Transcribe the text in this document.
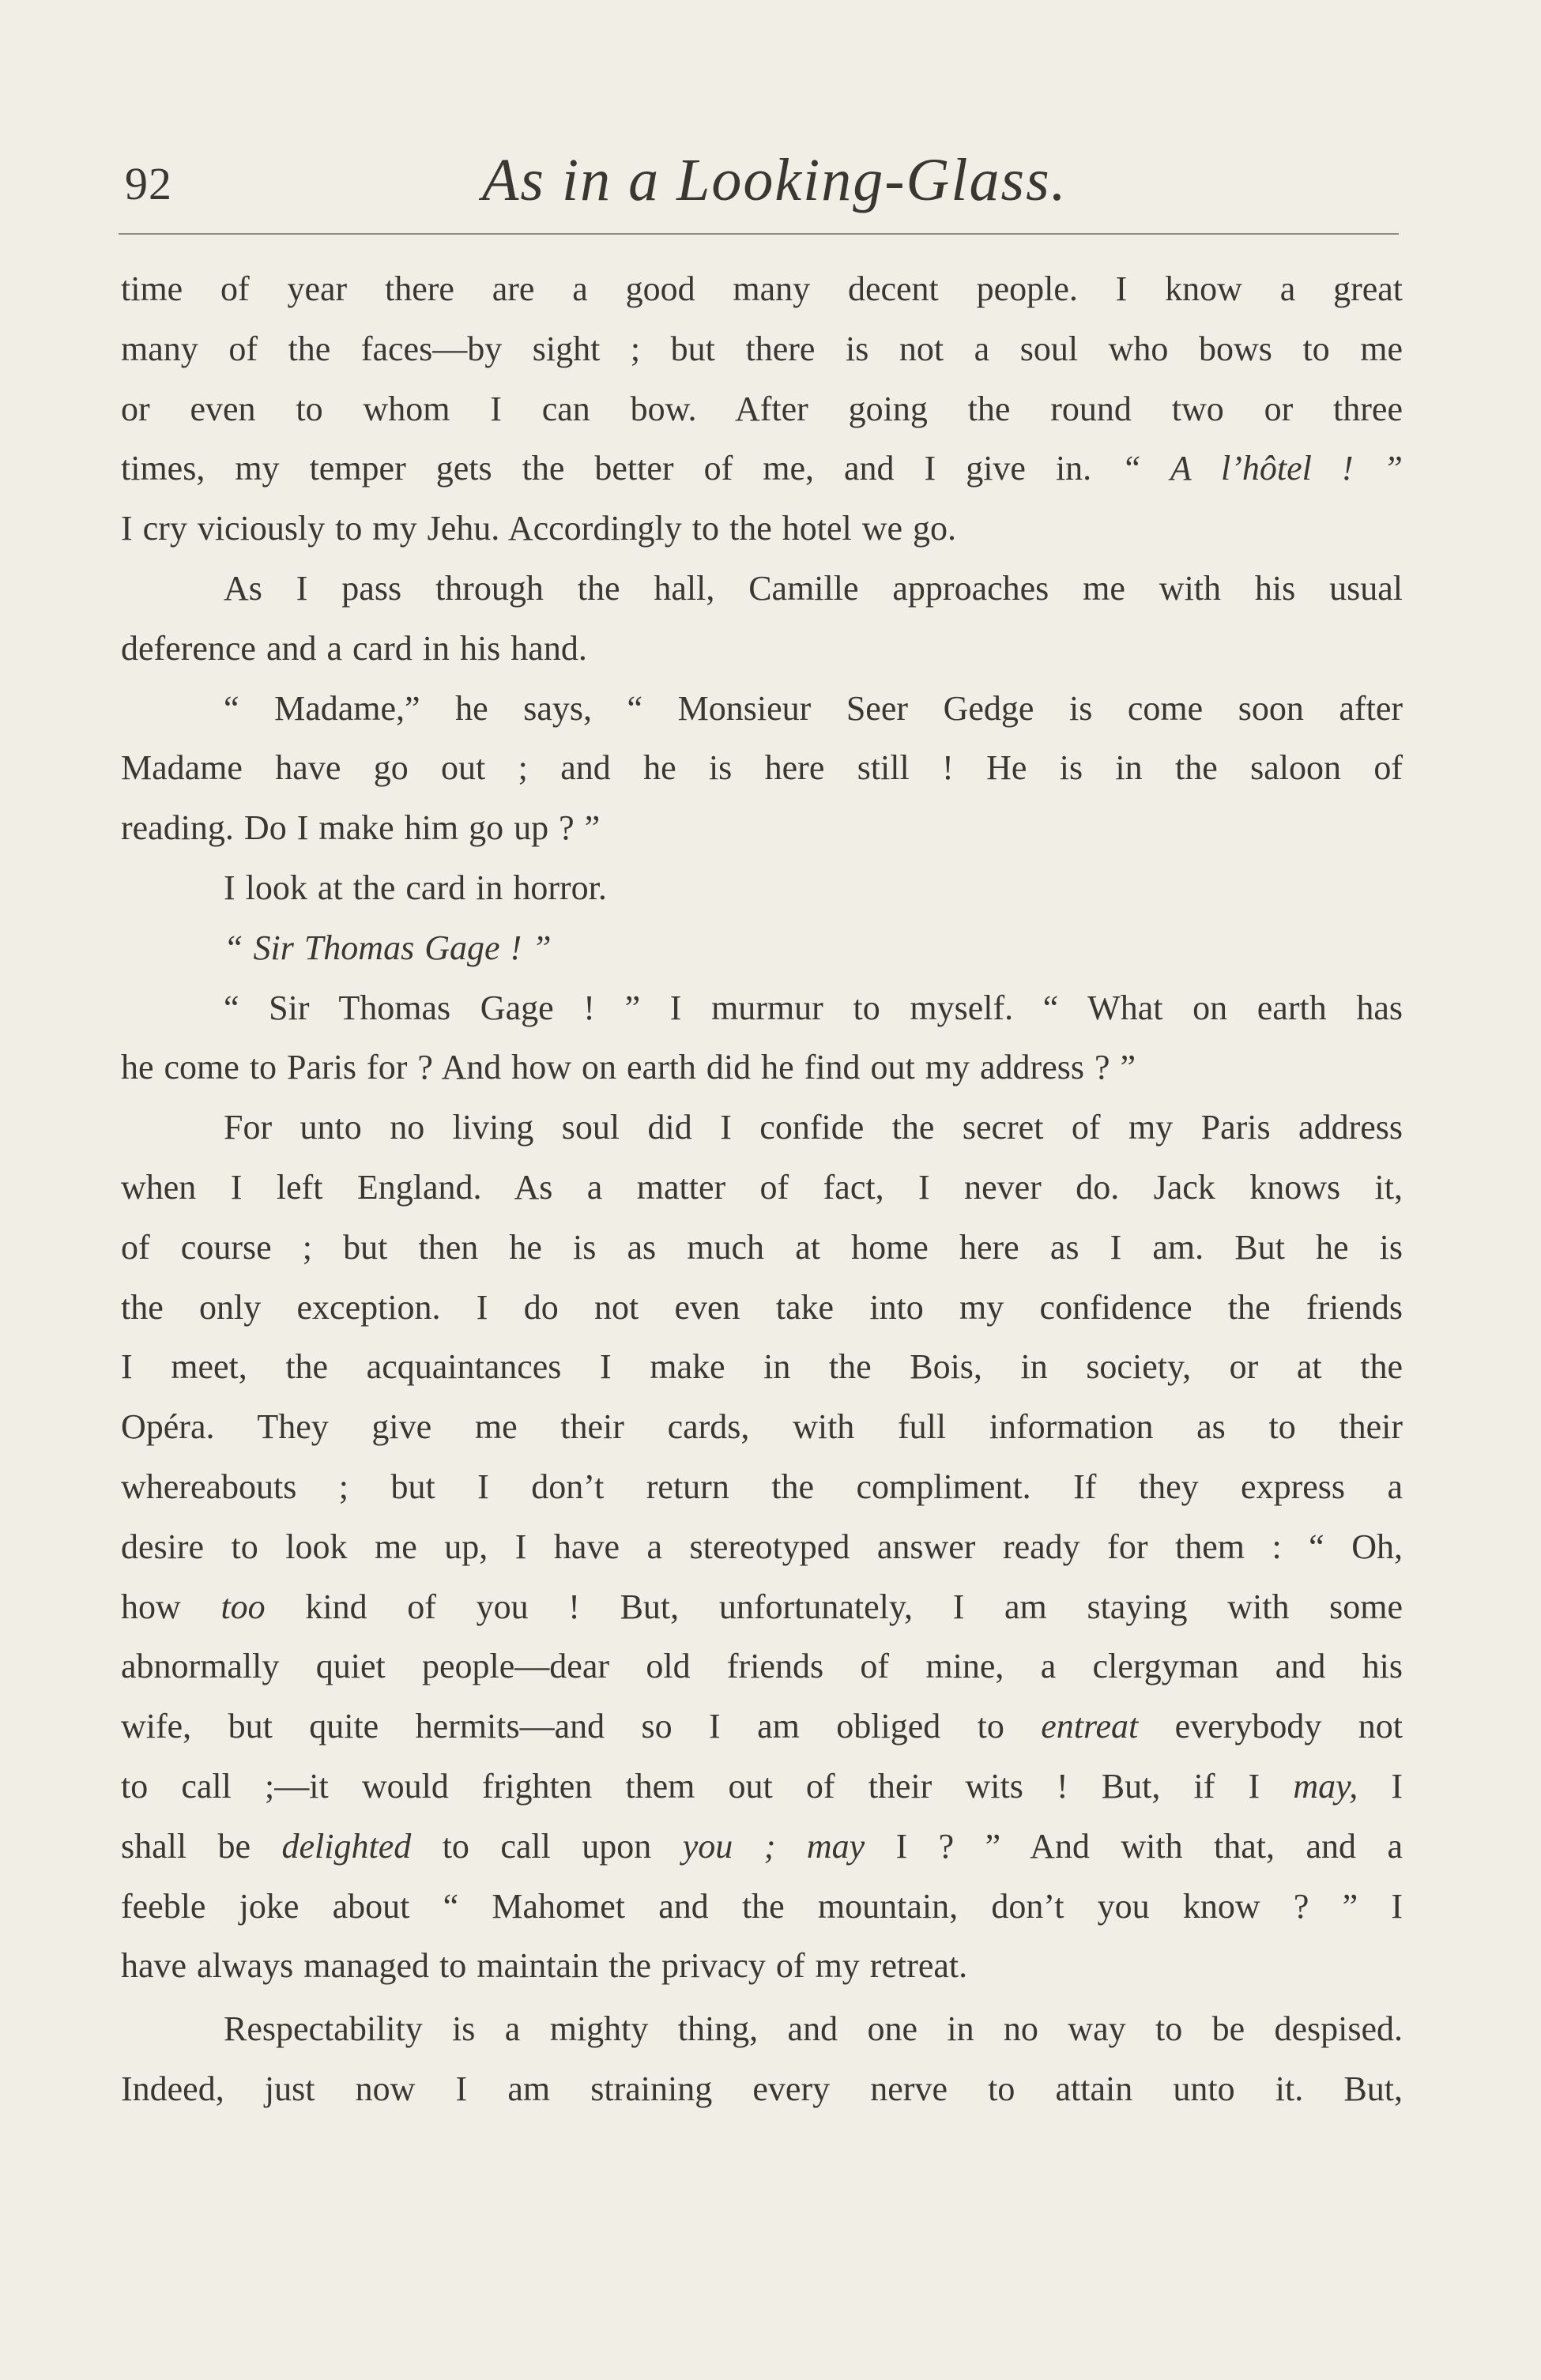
92	As in a Looking-Glass.
time of year there are a good many decent people. I know a great
many of the faces—by sight ; but there is not a soul who bows to me
or even to whom I can bow. After going the round two or three
times, my temper gets the better of me, and I give in. “ A l’hôtel ! ”
I cry viciously to my Jehu. Accordingly to the hotel we go.
As I pass through the hall, Camille approaches me with his usual
deference and a card in his hand.
“ Madame,” he says, “ Monsieur Seer Gedge is come soon after
Madame have go out ; and he is here still ! He is in the saloon of
reading. Do I make him go up ? ”
I look at the card in horror.
“ Sir Thomas Gage ! ”
“ Sir Thomas Gage ! ” I murmur to myself. “ What on earth has
he come to Paris for ? And how on earth did he find out my address ? ”
For unto no living soul did I confide the secret of my Paris address
when I left England. As a matter of fact, I never do. Jack knows it,
of course ; but then he is as much at home here as I am. But he is
the only exception. I do not even take into my confidence the friends
I meet, the acquaintances I make in the Bois, in society, or at the
Opéra. They give me their cards, with full information as to their
whereabouts ; but I don’t return the compliment. If they express a
desire to look me up, I have a stereotyped answer ready for them : “ Oh,
how too kind of you ! But, unfortunately, I am staying with some
abnormally quiet people—dear old friends of mine, a clergyman and his
wife, but quite hermits—and so I am obliged to entreat everybody not
to call ;—it would frighten them out of their wits ! But, if I may, I
shall be delighted to call upon you ; may I ? ” And with that, and a
feeble joke about “ Mahomet and the mountain, don’t you know ? ” I
have always managed to maintain the privacy of my retreat.
Respectability is a mighty thing, and one in no way to be despised.
Indeed, just now I am straining every nerve to attain unto it. But,
